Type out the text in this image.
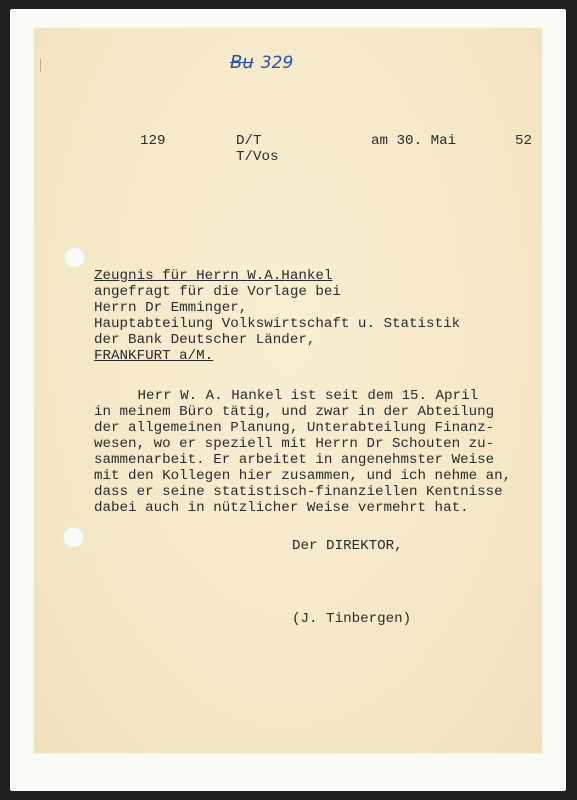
Bu 329
129	D/T
T/Vos
am 30. Mai	52
Zeugnis für Herrn W.A.Hankel
angefragt für die Vorlage bei
Herrn Dr Emminger,
Hauptabteilung Volkswirtschaft u. Statistik
der Bank Deutscher Länder,
FRANKFURT a/M.
Herr W. A. Hankel ist seit dem 15. April
in meinem Büro tätig, und zwar in der Abteilung
der allgemeinen Planung, Unterabteilung Finanz-
wesen, wo er speziell mit Herrn Dr Schouten zu-
sammenarbeit. Er arbeitet in angenehmster Weise
mit den Kollegen hier zusammen, und ich nehme an,
dass er seine statistisch-finanziellen Kentnisse
dabei auch in nützlicher Weise vermehrt hat.
Der DIREKTOR,
(J. Tinbergen)
